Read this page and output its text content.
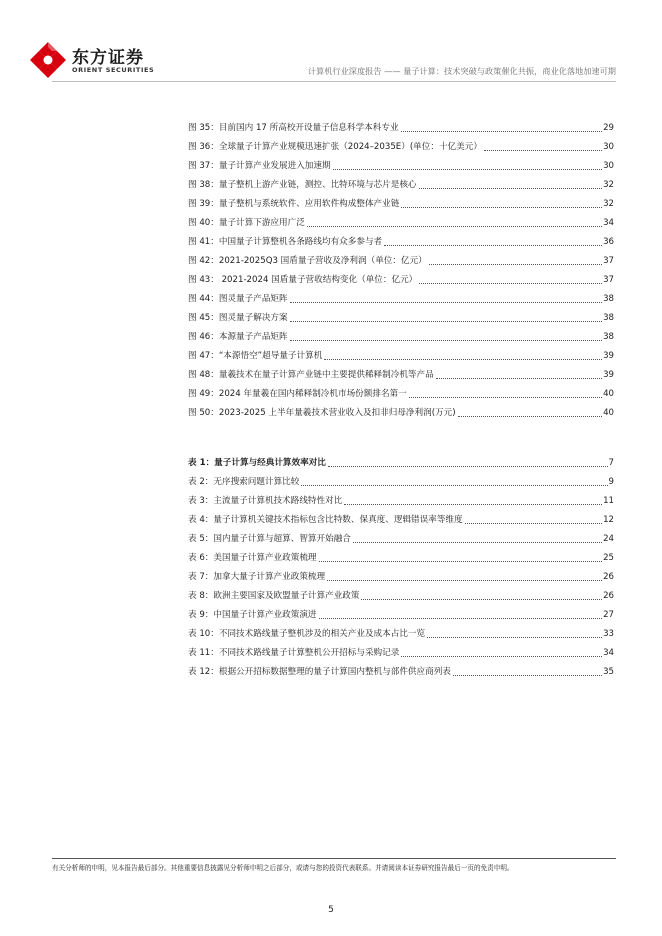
东方证券
ORIENT SECURITIES	计算机行业深度报告 —— 量子计算：技术突破与政策催化共振，商业化落地加速可期
图 35：目前国内 17 所高校开设量子信息科学本科专业	29
图 36：全球量子计算产业规模迅速扩张（2024–2035E）(单位：十亿美元）	30
图 37：量子计算产业发展进入加速期	30
图 38：量子整机上游产业链，测控、比特环境与芯片是核心	32
图 39：量子整机与系统软件、应用软件构成整体产业链	32
图 40：量子计算下游应用广泛	34
图 41：中国量子计算整机各条路线均有众多参与者	36
图 42：2021-2025Q3 国盾量子营收及净利润（单位：亿元）	37
图 43： 2021-2024 国盾量子营收结构变化（单位：亿元）	37
图 44：图灵量子产品矩阵	38
图 45：图灵量子解决方案	38
图 46：本源量子产品矩阵	38
图 47：“本源悟空”超导量子计算机	39
图 48：量羲技术在量子计算产业链中主要提供稀释制冷机等产品	39
图 49：2024 年量羲在国内稀释制冷机市场份额排名第一	40
图 50：2023-2025 上半年量羲技术营业收入及扣非归母净利润(万元)	40
表 1：量子计算与经典计算效率对比	7
表 2：无序搜索问题计算比较	9
表 3：主流量子计算机技术路线特性对比	11
表 4：量子计算机关键技术指标包含比特数、保真度、逻辑错误率等维度	12
表 5：国内量子计算与超算、智算开始融合	24
表 6：美国量子计算产业政策梳理	25
表 7：加拿大量子计算产业政策梳理	26
表 8：欧洲主要国家及欧盟量子计算产业政策	26
表 9：中国量子计算产业政策演进	27
表 10：不同技术路线量子整机涉及的相关产业及成本占比一览	33
表 11：不同技术路线量子计算整机公开招标与采购记录	34
表 12：根据公开招标数据整理的量子计算国内整机与部件供应商列表	35
有关分析师的申明，见本报告最后部分。其他重要信息披露见分析师申明之后部分，或请与您的投资代表联系。并请阅读本证券研究报告最后一页的免责申明。
5
